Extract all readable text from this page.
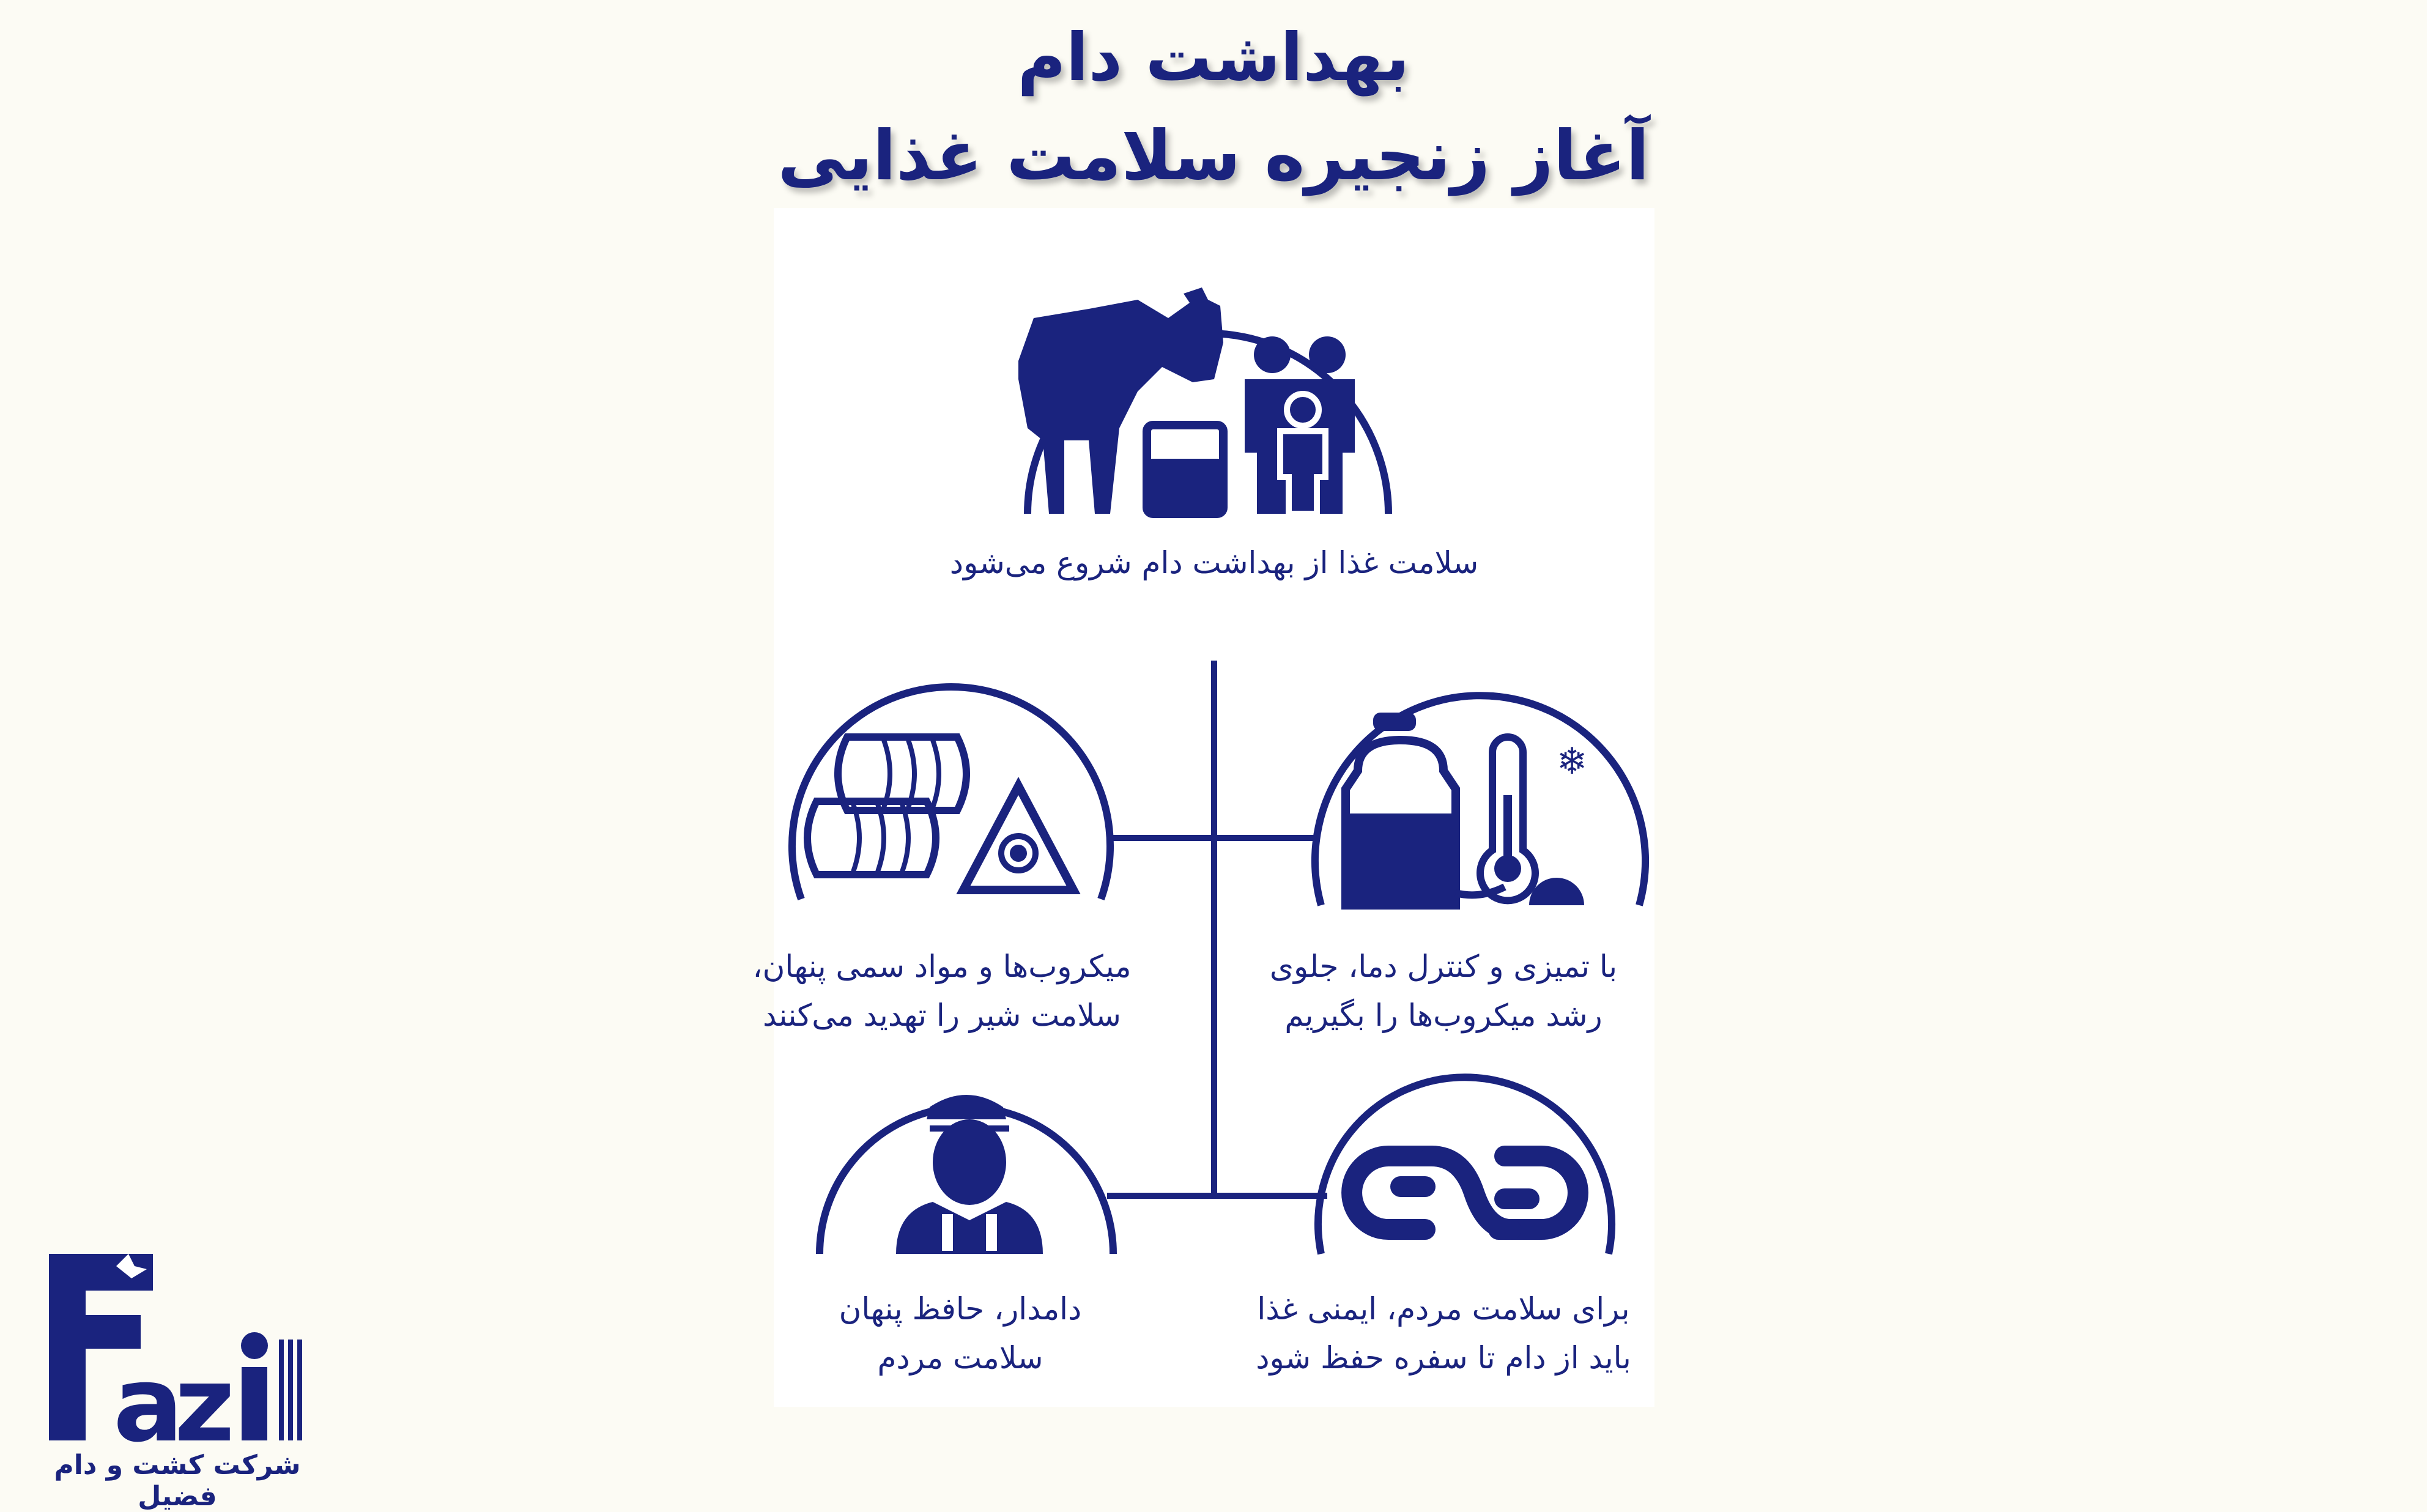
بهداشت دام
آغاز زنجیره سلامت غذایی
❄

سلامت غذا از بهداشت دام شروع می‌شود

با تمیزی و کنترل دما، جلوی
رشد میکروب‌ها را بگیریم

میکروب‌ها و مواد سمی پنهان،
سلامت شیر را تهدید می‌کنند

برای سلامت مردم، ایمنی غذا
باید از دام تا سفره حفظ شود

دامدار، حافظ پنهان
سلامت مردم

a
z

شرکت کشت و دام فضیل
